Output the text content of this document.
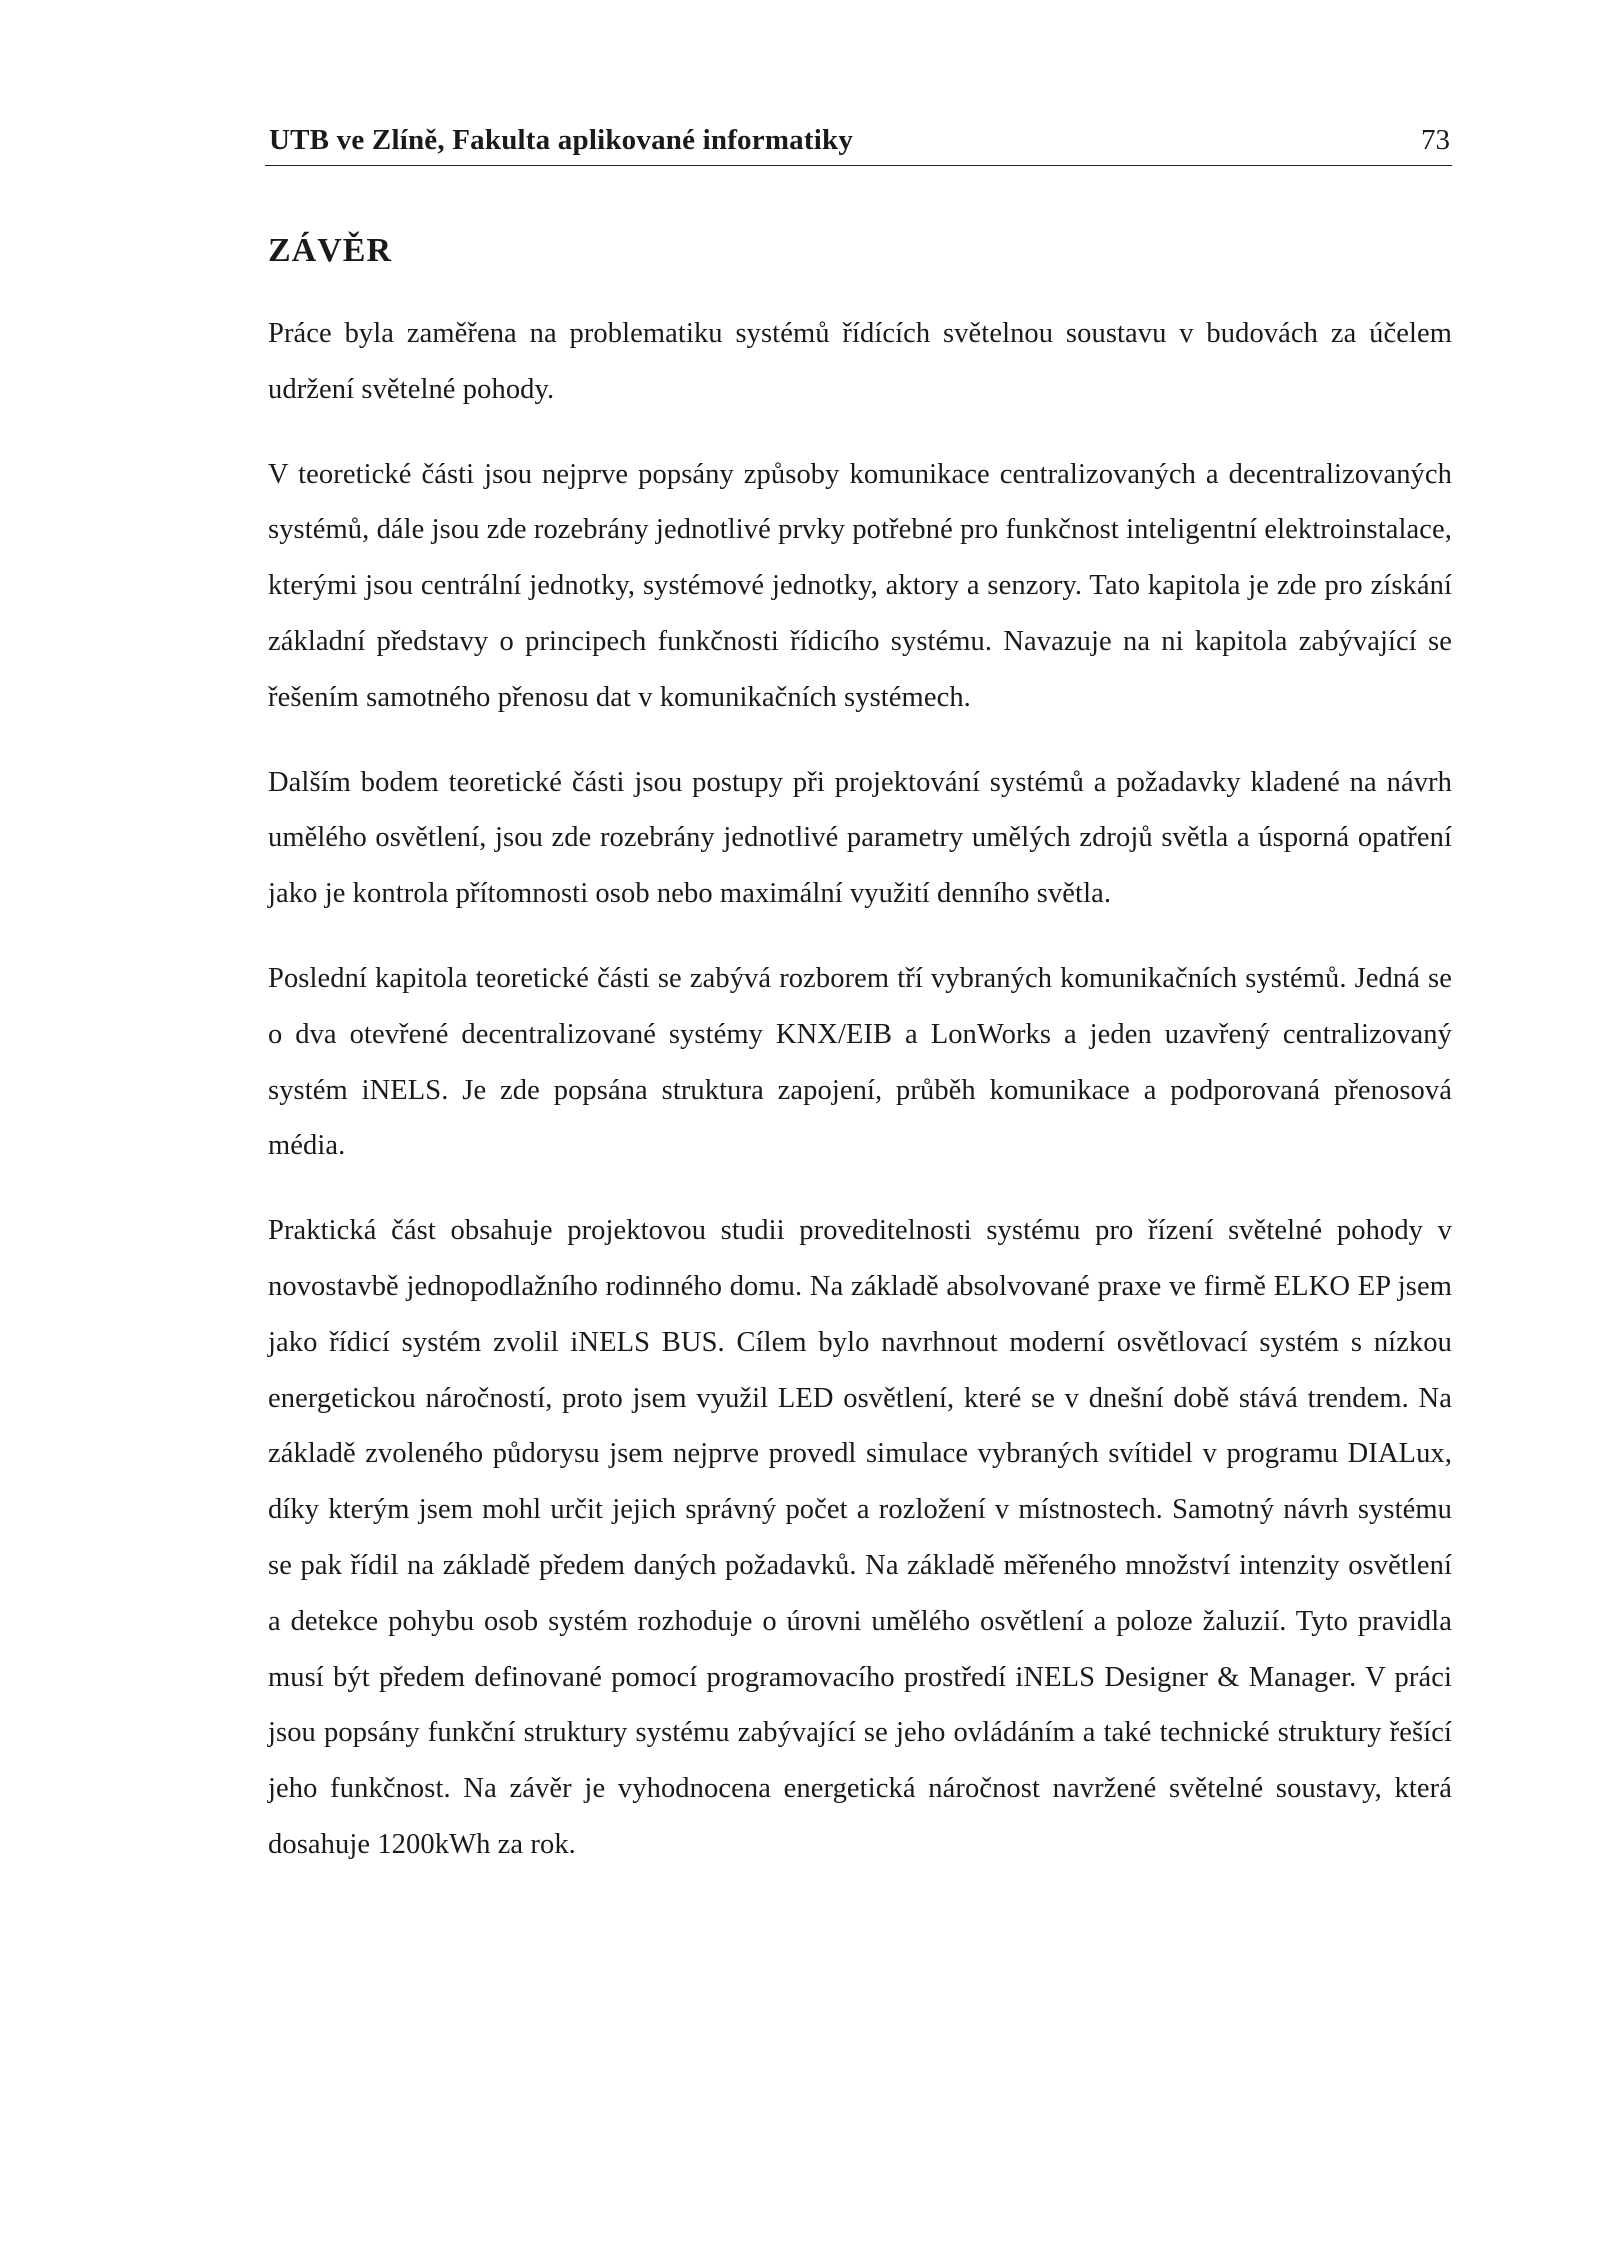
UTB ve Zlíně, Fakulta aplikované informatiky	73
ZÁVĚR

Práce byla zaměřena na problematiku systémů řídících světelnou soustavu v budovách za účelem udržení světelné pohody.

V teoretické části jsou nejprve popsány způsoby komunikace centralizovaných a decentralizovaných systémů, dále jsou zde rozebrány jednotlivé prvky potřebné pro funkčnost inteligentní elektroinstalace, kterými jsou centrální jednotky, systémové jednotky, aktory a senzory. Tato kapitola je zde pro získání základní představy o principech funkčnosti řídicího systému. Navazuje na ni kapitola zabývající se řešením samotného přenosu dat v komunikačních systémech.

Dalším bodem teoretické části jsou postupy při projektování systémů a požadavky kladené na návrh umělého osvětlení, jsou zde rozebrány jednotlivé parametry umělých zdrojů světla a úsporná opatření jako je kontrola přítomnosti osob nebo maximální využití denního světla.

Poslední kapitola teoretické části se zabývá rozborem tří vybraných komunikačních systémů. Jedná se o dva otevřené decentralizované systémy KNX/EIB a LonWorks a jeden uzavřený centralizovaný systém iNELS. Je zde popsána struktura zapojení, průběh komunikace a podporovaná přenosová média.

Praktická část obsahuje projektovou studii proveditelnosti systému pro řízení světelné pohody v novostavbě jednopodlažního rodinného domu. Na základě absolvované praxe ve firmě ELKO EP jsem jako řídicí systém zvolil iNELS BUS. Cílem bylo navrhnout moderní osvětlovací systém s nízkou energetickou náročností, proto jsem využil LED osvětlení, které se v dnešní době stává trendem. Na základě zvoleného půdorysu jsem nejprve provedl simulace vybraných svítidel v programu DIALux, díky kterým jsem mohl určit jejich správný počet a rozložení v místnostech. Samotný návrh systému se pak řídil na základě předem daných požadavků. Na základě měřeného množství intenzity osvětlení a detekce pohybu osob systém rozhoduje o úrovni umělého osvětlení a poloze žaluzií. Tyto pravidla musí být předem definované pomocí programovacího prostředí iNELS Designer & Manager. V práci jsou popsány funkční struktury systému zabývající se jeho ovládáním a také technické struktury řešící jeho funkčnost. Na závěr je vyhodnocena energetická náročnost navržené světelné soustavy, která dosahuje 1200kWh za rok.
